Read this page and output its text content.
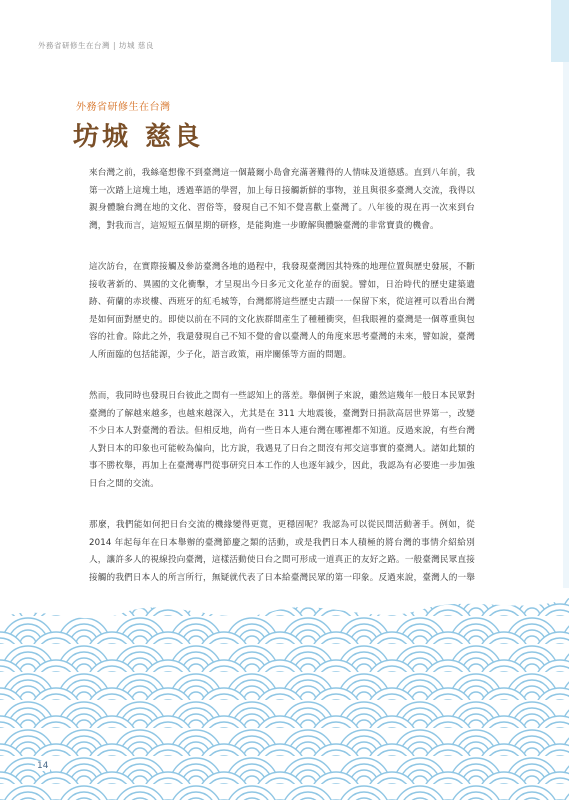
外務省研修生在台灣 | 坊城 慈良
外務省研修生在台灣
坊城 慈良

來台灣之前，我絲毫想像不到臺灣這一個蕞爾小島會充滿著難得的人情味及道德感。直到八年前，我第一次踏上這塊土地，透過華語的學習，加上每日接觸新鮮的事物，並且與很多臺灣人交流，我得以親身體驗台灣在地的文化、習俗等，發現自己不知不覺喜歡上臺灣了。八年後的現在再一次來到台灣，對我而言，這短短五個星期的研修，是能夠進一步瞭解與體驗臺灣的非常寶貴的機會。

這次訪台，在實際接觸及參訪臺灣各地的過程中，我發現臺灣因其特殊的地理位置與歷史發展，不斷接收著新的、異國的文化衝擊，才呈現出今日多元文化並存的面貌。譬如，日治時代的歷史建築遺跡、荷蘭的赤崁樓、西班牙的紅毛城等，台灣都將這些歷史古蹟一一保留下來，從這裡可以看出台灣是如何面對歷史的。即使以前在不同的文化族群間產生了種種衝突，但我眼裡的臺灣是一個尊重與包容的社會。除此之外，我還發現自己不知不覺的會以臺灣人的角度來思考臺灣的未來，譬如說，臺灣人所面臨的包括能源，少子化，語言政策，兩岸關係等方面的問題。

然而，我同時也發現日台彼此之間有一些認知上的落差。舉個例子來說，雖然這幾年一般日本民眾對臺灣的了解越來越多，也越來越深入，尤其是在 311 大地震後，臺灣對日捐款高居世界第一，改變不少日本人對臺灣的看法。但相反地，尚有一些日本人連台灣在哪裡都不知道。反過來說，有些台灣人對日本的印象也可能較為偏向，比方說，我遇見了日台之間沒有邦交這事實的臺灣人。諸如此類的事不勝枚舉，再加上在臺灣專門從事研究日本工作的人也逐年減少，因此，我認為有必要進一步加強日台之間的交流。

那麼，我們能如何把日台交流的機緣變得更寬，更穩固呢？我認為可以從民間活動著手。例如，從 2014 年起每年在日本舉辦的臺灣節慶之類的活動，或是我們日本人積極的將台灣的事情介紹給別人，讓許多人的視線投向臺灣，這樣活動使日台之間可形成一道真正的友好之路。一般臺灣民眾直接接觸的我們日本人的所言所行，無疑就代表了日本給臺灣民眾的第一印象。反過來說，臺灣人的一舉

14
